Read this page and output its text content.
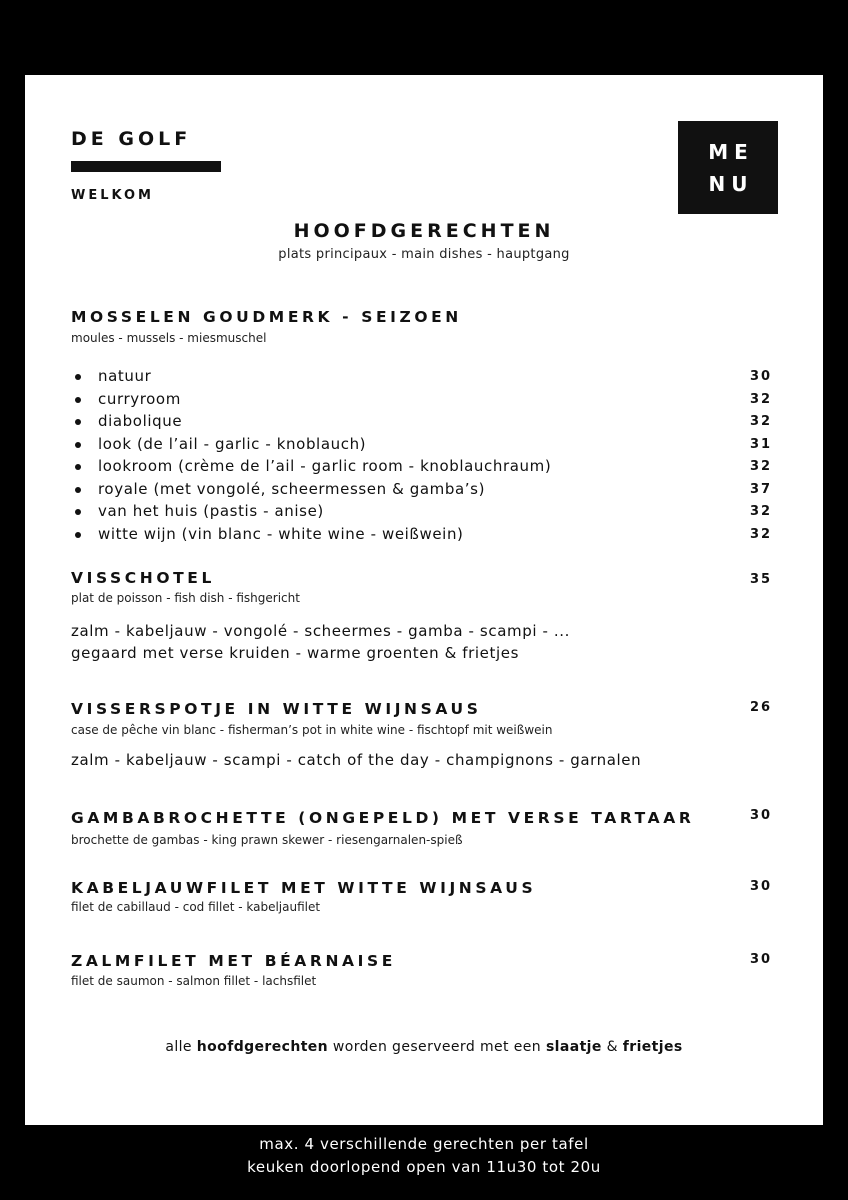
DE GOLF
WELKOM
ME
NU
HOOFDGERECHTEN
plats principaux - main dishes - hauptgang
MOSSELEN GOUDMERK - SEIZOEN
moules - mussels - miesmuschel
natuur	30
curryroom	32
diabolique	32
look (de l’ail - garlic - knoblauch)	31
lookroom (crème de l’ail - garlic room - knoblauchraum)	32
royale (met vongolé, scheermessen & gamba’s)	37
van het huis (pastis - anise)	32
witte wijn (vin blanc - white wine - weißwein)	32
VISSCHOTEL	35
plat de poisson - fish dish - fishgericht
zalm - kabeljauw - vongolé - scheermes - gamba - scampi - ...
gegaard met verse kruiden - warme groenten & frietjes
VISSERSPOTJE IN WITTE WIJNSAUS	26
case de pêche vin blanc - fisherman’s pot in white wine - fischtopf mit weißwein
zalm - kabeljauw - scampi - catch of the day - champignons - garnalen
GAMBABROCHETTE (ONGEPELD) MET VERSE TARTAAR	30
brochette de gambas - king prawn skewer - riesengarnalen-spieß
KABELJAUWFILET MET WITTE WIJNSAUS	30
filet de cabillaud - cod fillet - kabeljaufilet
ZALMFILET MET BÉARNAISE	30
filet de saumon - salmon fillet - lachsfilet
alle hoofdgerechten worden geserveerd met een slaatje & frietjes
max. 4 verschillende gerechten per tafel
keuken doorlopend open van 11u30 tot 20u
